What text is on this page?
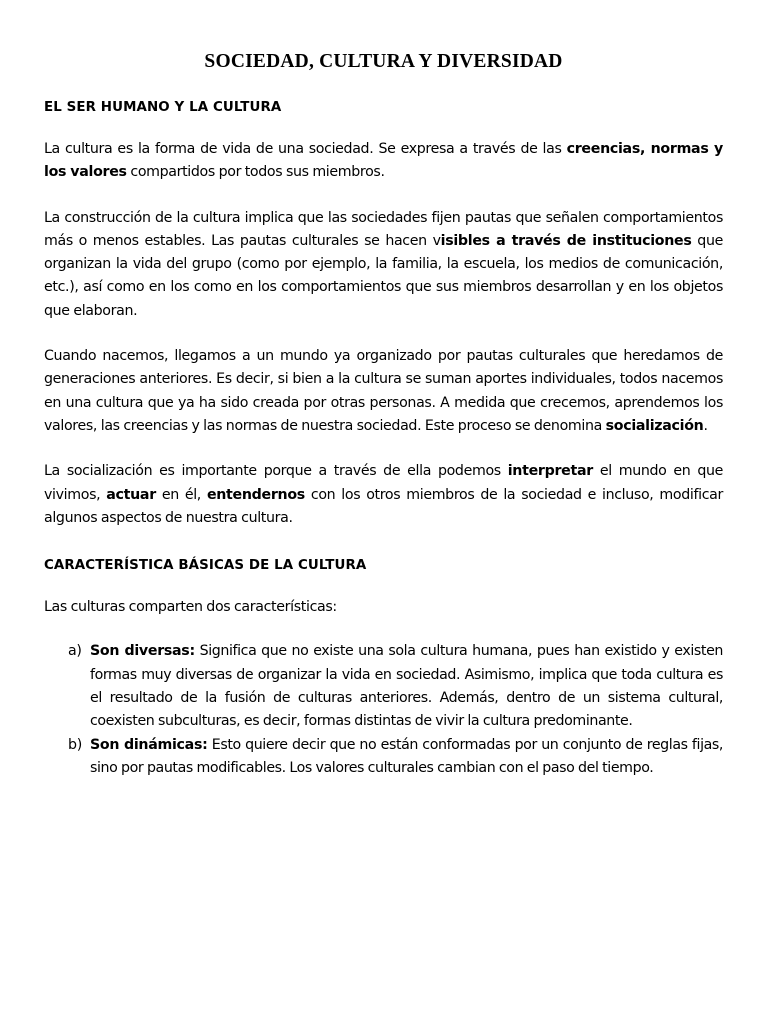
SOCIEDAD, CULTURA Y DIVERSIDAD
EL SER HUMANO Y LA CULTURA

La cultura es la forma de vida de una sociedad. Se expresa a través de las creencias, normas y los valores compartidos por todos sus miembros.

La construcción de la cultura implica que las sociedades fijen pautas que señalen comportamientos más o menos estables. Las pautas culturales se hacen visibles a través de instituciones que organizan la vida del grupo (como por ejemplo, la familia, la escuela, los medios de comunicación, etc.), así como en los como en los comportamientos que sus miembros desarrollan y en los objetos que elaboran.

Cuando nacemos, llegamos a un mundo ya organizado por pautas culturales que heredamos de generaciones anteriores. Es decir, si bien a la cultura se suman aportes individuales, todos nacemos en una cultura que ya ha sido creada por otras personas. A medida que crecemos, aprendemos los valores, las creencias y las normas de nuestra sociedad. Este proceso se denomina socialización.

La socialización es importante porque a través de ella podemos interpretar el mundo en que vivimos, actuar en él, entendernos con los otros miembros de la sociedad e incluso, modificar algunos aspectos de nuestra cultura.

CARACTERÍSTICA BÁSICAS DE LA CULTURA

Las culturas comparten dos características:

a) Son diversas: Significa que no existe una sola cultura humana, pues han existido y existen formas muy diversas de organizar la vida en sociedad. Asimismo, implica que toda cultura es el resultado de la fusión de culturas anteriores. Además, dentro de un sistema cultural, coexisten subculturas, es decir, formas distintas de vivir la cultura predominante.

b) Son dinámicas: Esto quiere decir que no están conformadas por un conjunto de reglas fijas, sino por pautas modificables. Los valores culturales cambian con el paso del tiempo.
